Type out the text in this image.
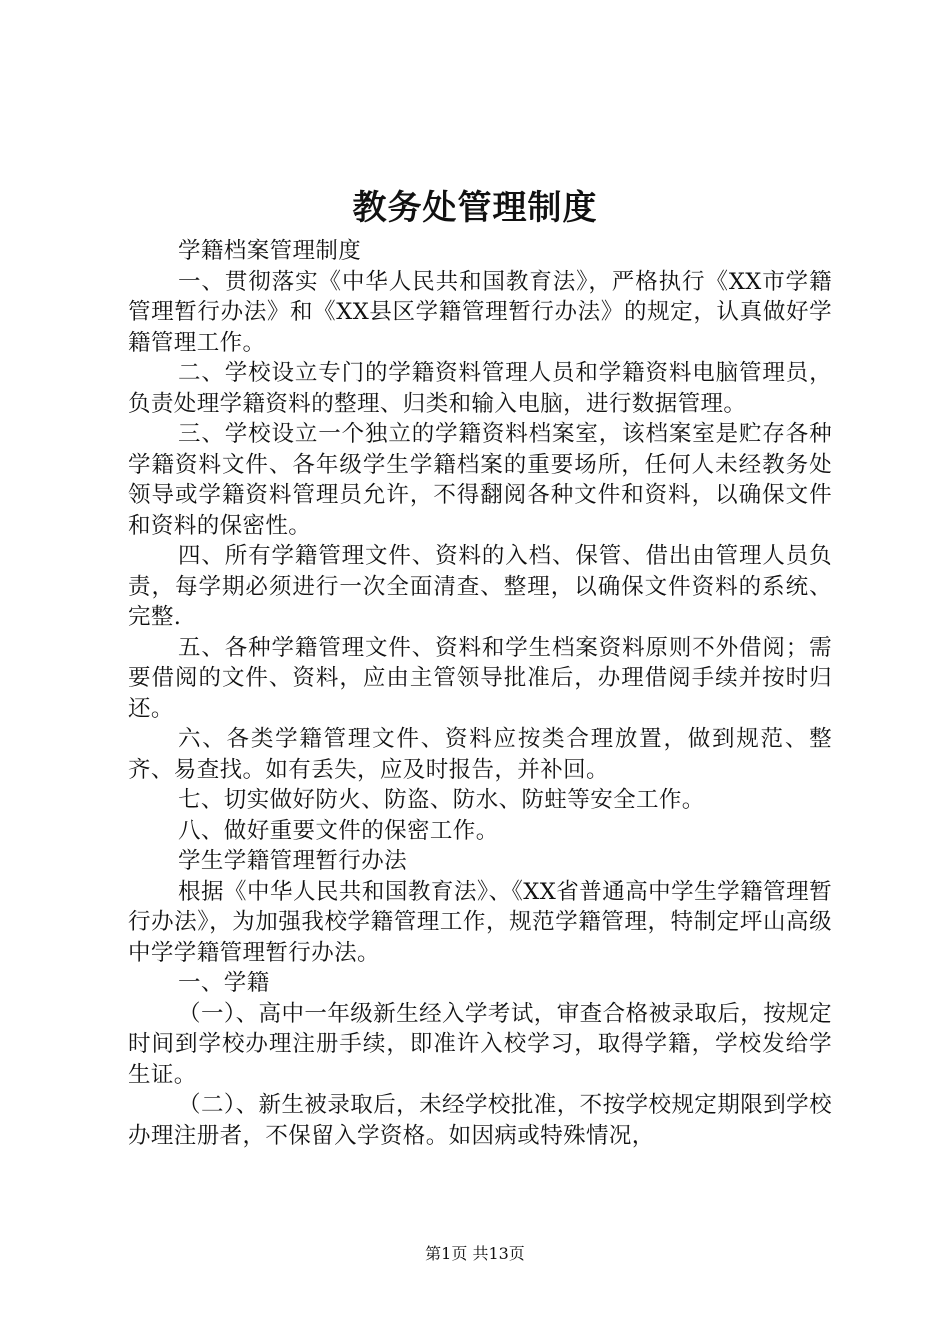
教务处管理制度

学籍档案管理制度

一、贯彻落实《中华人民共和国教育法》，严格执行《XX市学籍管理暂行办法》和《XX县区学籍管理暂行办法》的规定，认真做好学籍管理工作。

二、学校设立专门的学籍资料管理人员和学籍资料电脑管理员，负责处理学籍资料的整理、归类和输入电脑，进行数据管理。

三、学校设立一个独立的学籍资料档案室，该档案室是贮存各种学籍资料文件、各年级学生学籍档案的重要场所，任何人未经教务处领导或学籍资料管理员允许，不得翻阅各种文件和资料，以确保文件和资料的保密性。

四、所有学籍管理文件、资料的入档、保管、借出由管理人员负责，每学期必须进行一次全面清查、整理，以确保文件资料的系统、完整.

五、各种学籍管理文件、资料和学生档案资料原则不外借阅；需要借阅的文件、资料，应由主管领导批准后，办理借阅手续并按时归还。

六、各类学籍管理文件、资料应按类合理放置，做到规范、整齐、易查找。如有丢失，应及时报告，并补回。

七、切实做好防火、防盗、防水、防蛀等安全工作。

八、做好重要文件的保密工作。

学生学籍管理暂行办法

根据《中华人民共和国教育法》、《XX省普通高中学生学籍管理暂行办法》，为加强我校学籍管理工作，规范学籍管理，特制定坪山高级中学学籍管理暂行办法。

一、学籍

（一）、高中一年级新生经入学考试，审查合格被录取后，按规定时间到学校办理注册手续，即准许入校学习，取得学籍，学校发给学生证。

（二）、新生被录取后，未经学校批准，不按学校规定期限到学校办理注册者，不保留入学资格。如因病或特殊情况，

第1页 共13页
